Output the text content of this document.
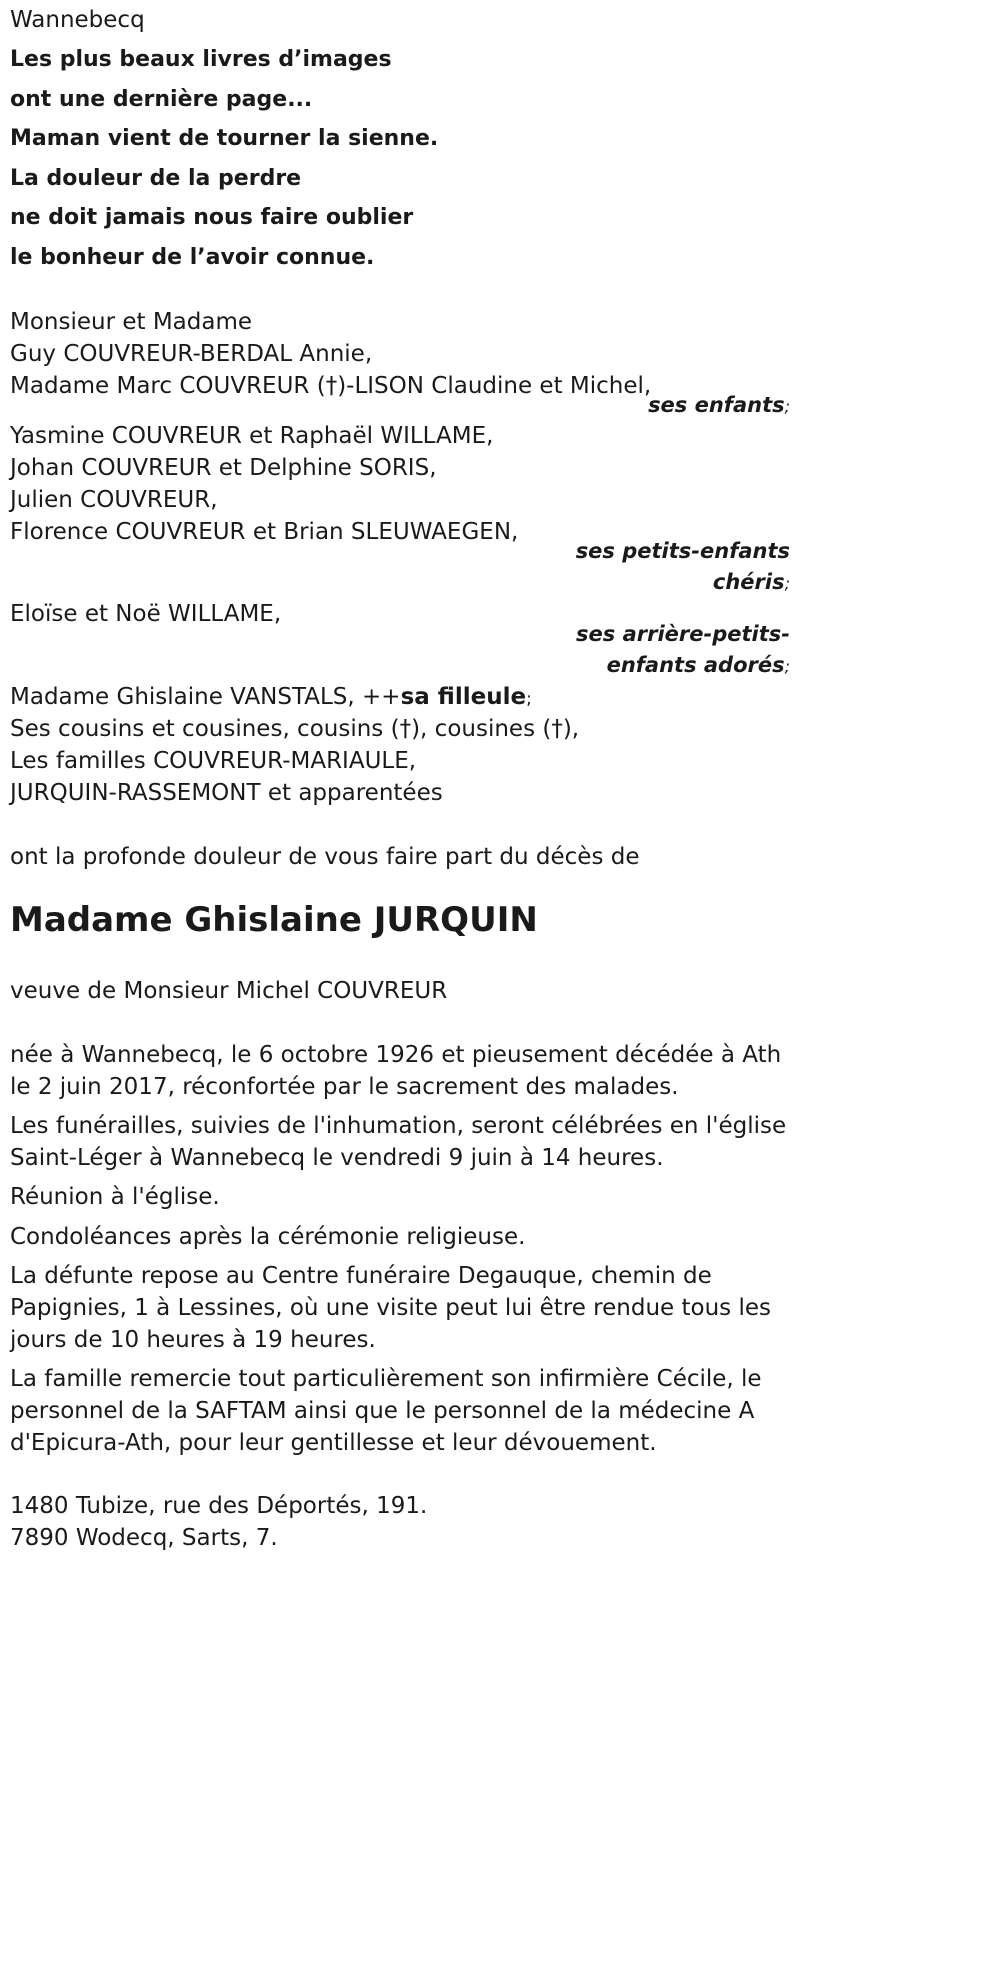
Wannebecq
Les plus beaux livres d’images
ont une dernière page...
Maman vient de tourner la sienne.
La douleur de la perdre
ne doit jamais nous faire oublier
le bonheur de l’avoir connue.
Monsieur et Madame
Guy COUVREUR-BERDAL Annie,
Madame Marc COUVREUR (†)-LISON Claudine et Michel,
ses enfants;
Yasmine COUVREUR et Raphaël WILLAME,
Johan COUVREUR et Delphine SORIS,
Julien COUVREUR,
Florence COUVREUR et Brian SLEUWAEGEN,
ses petits-enfants
chéris;
Eloïse et Noë WILLAME,
ses arrière-petits-
enfants adorés;
Madame Ghislaine VANSTALS, ++sa filleule;
Ses cousins et cousines, cousins (†), cousines (†),
Les familles COUVREUR-MARIAULE,
JURQUIN-RASSEMONT et apparentées
ont la profonde douleur de vous faire part du décès de
Madame Ghislaine JURQUIN
veuve de Monsieur Michel COUVREUR
née à Wannebecq, le 6 octobre 1926 et pieusement décédée à Ath le 2 juin 2017, réconfortée par le sacrement des malades.
Les funérailles, suivies de l'inhumation, seront célébrées en l'église Saint-Léger à Wannebecq le vendredi 9 juin à 14 heures.
Réunion à l'église.
Condoléances après la cérémonie religieuse.
La défunte repose au Centre funéraire Degauque, chemin de Papignies, 1 à Lessines, où une visite peut lui être rendue tous les jours de 10 heures à 19 heures.
La famille remercie tout particulièrement son infirmière Cécile, le personnel de la SAFTAM ainsi que le personnel de la médecine A d'Epicura-Ath, pour leur gentillesse et leur dévouement.
1480 Tubize, rue des Déportés, 191.
7890 Wodecq, Sarts, 7.
